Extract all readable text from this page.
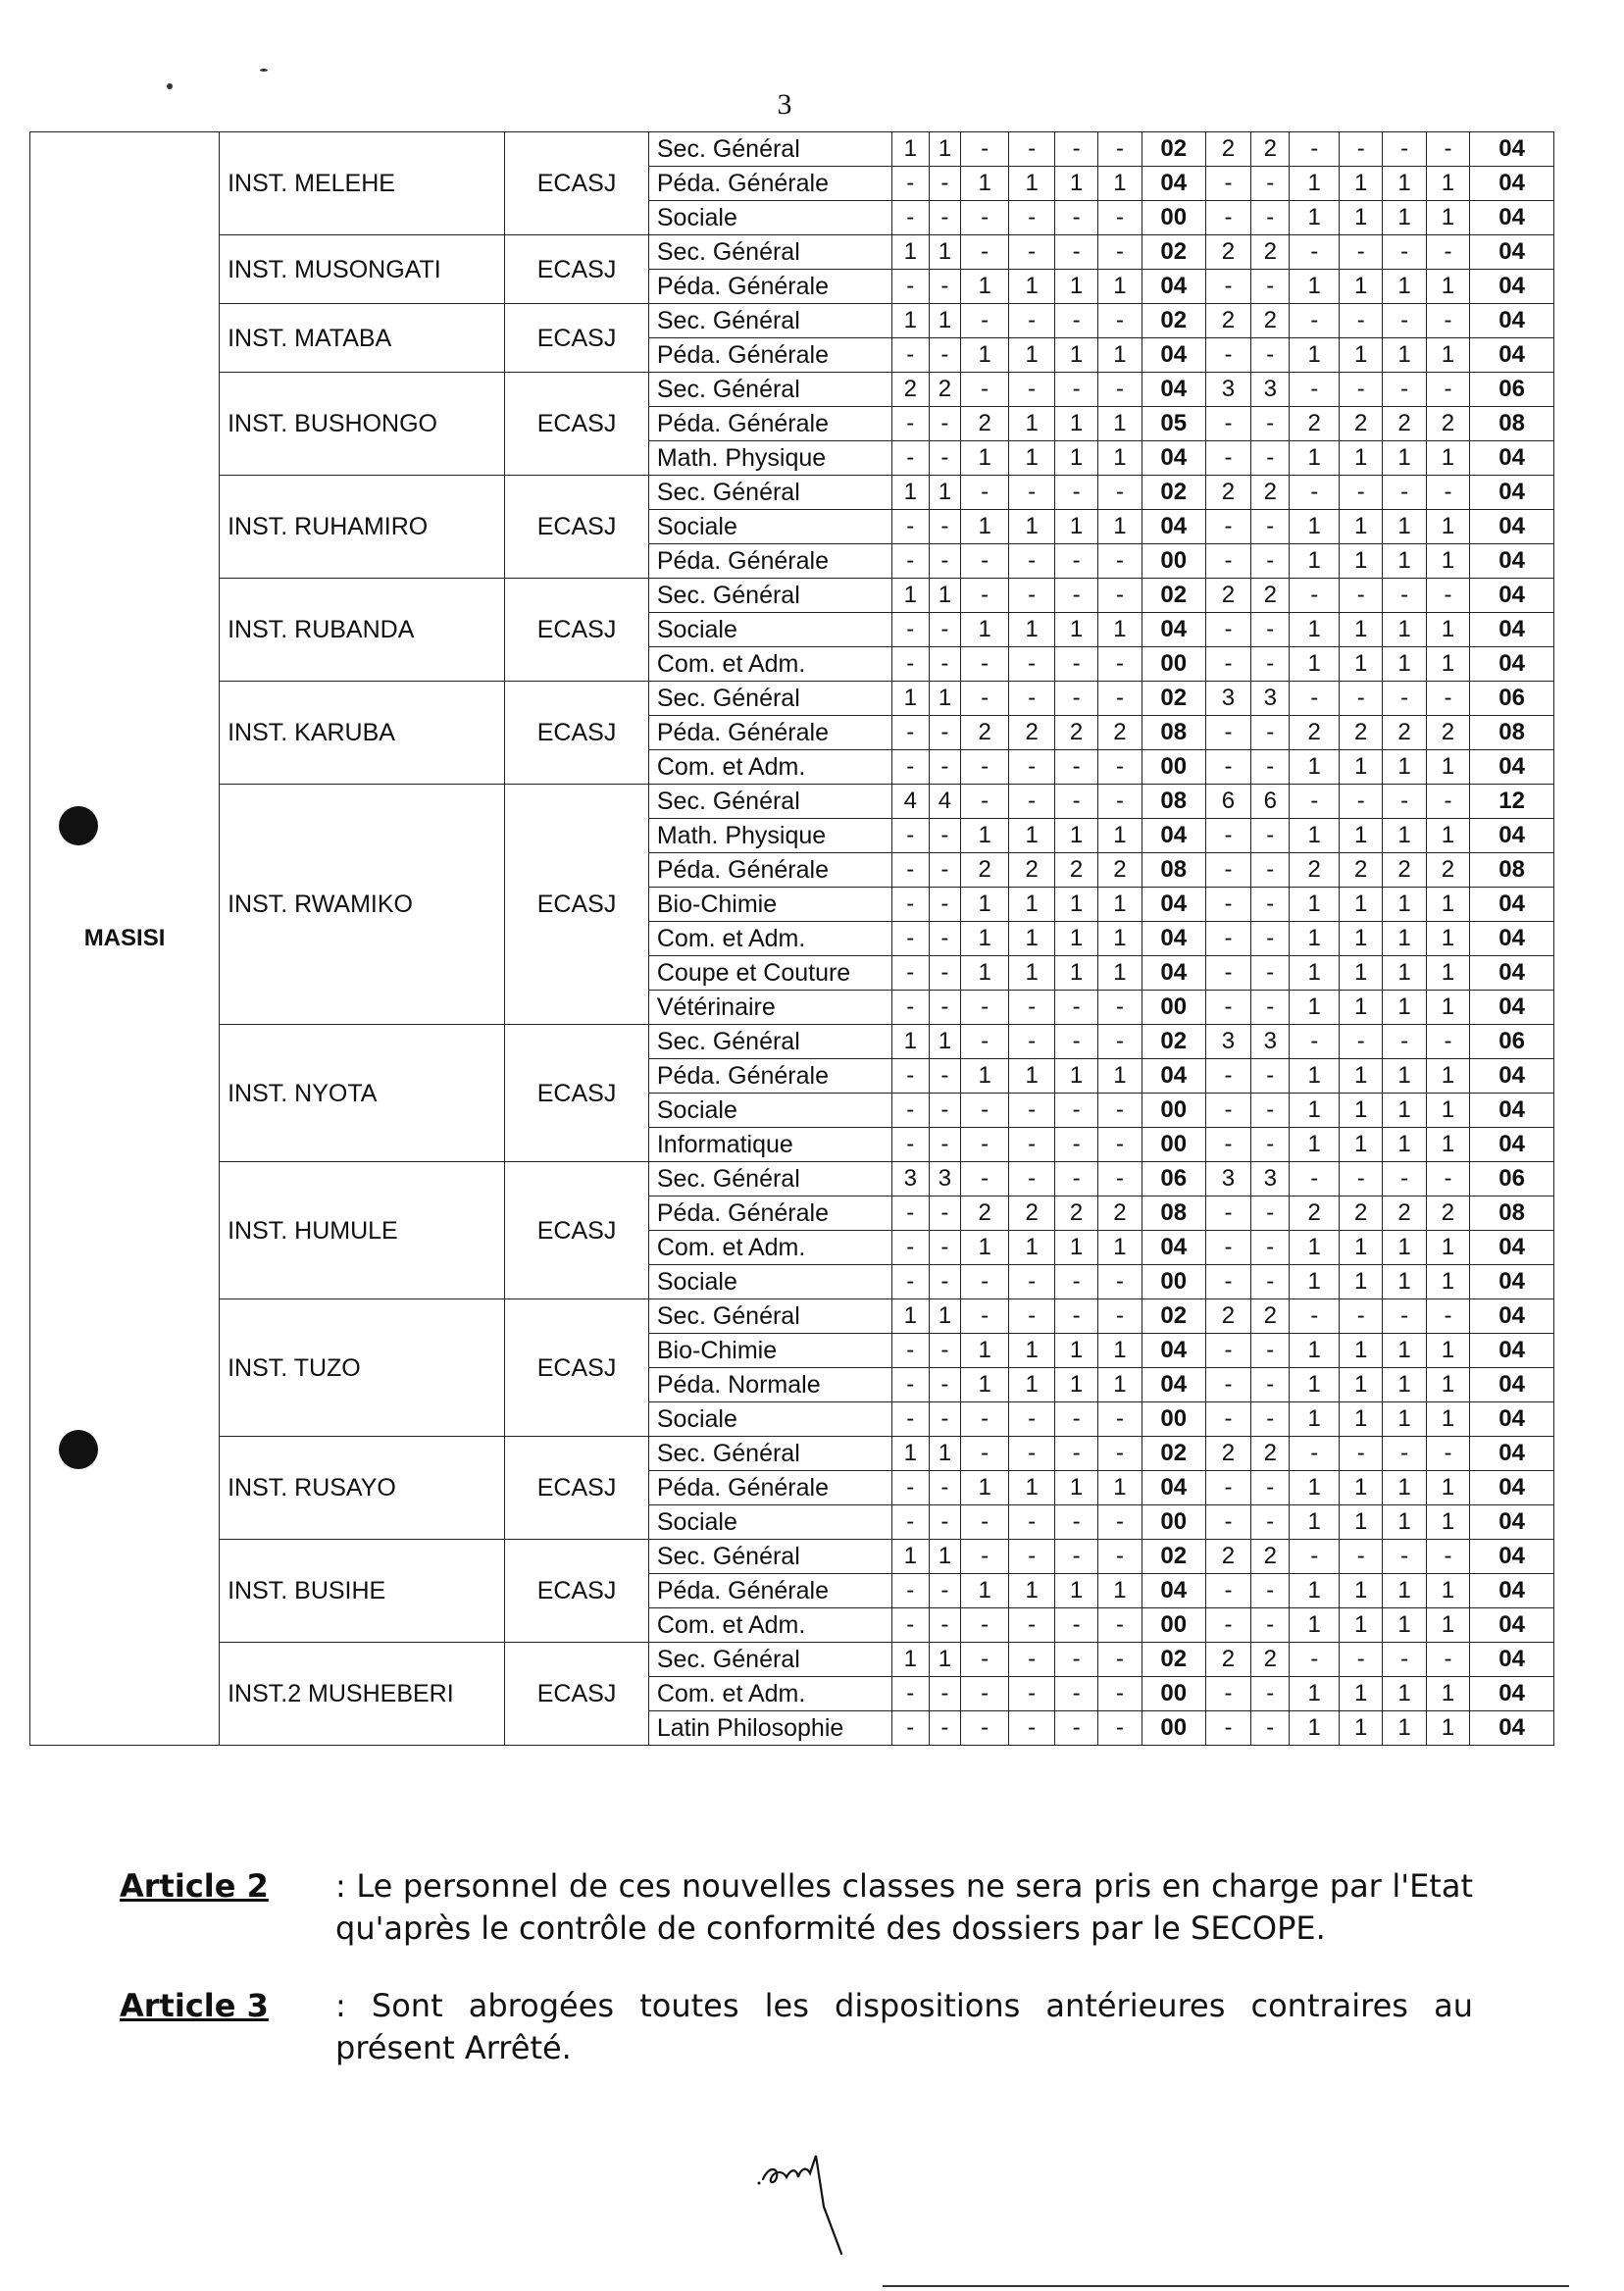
3
MASISI	INST. MELEHE	ECASJ	Sec. Général	1	1	-	-	-	-	02	2	2	-	-	-	-	04
			Péda. Générale	-	-	1	1	1	1	04	-	-	1	1	1	1	04
			Sociale	-	-	-	-	-	-	00	-	-	1	1	1	1	04
	INST. MUSONGATI	ECASJ	Sec. Général	1	1	-	-	-	-	02	2	2	-	-	-	-	04
			Péda. Générale	-	-	1	1	1	1	04	-	-	1	1	1	1	04
	INST. MATABA	ECASJ	Sec. Général	1	1	-	-	-	-	02	2	2	-	-	-	-	04
			Péda. Générale	-	-	1	1	1	1	04	-	-	1	1	1	1	04
	INST. BUSHONGO	ECASJ	Sec. Général	2	2	-	-	-	-	04	3	3	-	-	-	-	06
			Péda. Générale	-	-	2	1	1	1	05	-	-	2	2	2	2	08
			Math. Physique	-	-	1	1	1	1	04	-	-	1	1	1	1	04
	INST. RUHAMIRO	ECASJ	Sec. Général	1	1	-	-	-	-	02	2	2	-	-	-	-	04
			Sociale	-	-	1	1	1	1	04	-	-	1	1	1	1	04
			Péda. Générale	-	-	-	-	-	-	00	-	-	1	1	1	1	04
	INST. RUBANDA	ECASJ	Sec. Général	1	1	-	-	-	-	02	2	2	-	-	-	-	04
			Sociale	-	-	1	1	1	1	04	-	-	1	1	1	1	04
			Com. et Adm.	-	-	-	-	-	-	00	-	-	1	1	1	1	04
	INST. KARUBA	ECASJ	Sec. Général	1	1	-	-	-	-	02	3	3	-	-	-	-	06
			Péda. Générale	-	-	2	2	2	2	08	-	-	2	2	2	2	08
			Com. et Adm.	-	-	-	-	-	-	00	-	-	1	1	1	1	04
	INST. RWAMIKO	ECASJ	Sec. Général	4	4	-	-	-	-	08	6	6	-	-	-	-	12
			Math. Physique	-	-	1	1	1	1	04	-	-	1	1	1	1	04
			Péda. Générale	-	-	2	2	2	2	08	-	-	2	2	2	2	08
			Bio-Chimie	-	-	1	1	1	1	04	-	-	1	1	1	1	04
			Com. et Adm.	-	-	1	1	1	1	04	-	-	1	1	1	1	04
			Coupe et Couture	-	-	1	1	1	1	04	-	-	1	1	1	1	04
			Vétérinaire	-	-	-	-	-	-	00	-	-	1	1	1	1	04
	INST. NYOTA	ECASJ	Sec. Général	1	1	-	-	-	-	02	3	3	-	-	-	-	06
			Péda. Générale	-	-	1	1	1	1	04	-	-	1	1	1	1	04
			Sociale	-	-	-	-	-	-	00	-	-	1	1	1	1	04
			Informatique	-	-	-	-	-	-	00	-	-	1	1	1	1	04
	INST. HUMULE	ECASJ	Sec. Général	3	3	-	-	-	-	06	3	3	-	-	-	-	06
			Péda. Générale	-	-	2	2	2	2	08	-	-	2	2	2	2	08
			Com. et Adm.	-	-	1	1	1	1	04	-	-	1	1	1	1	04
			Sociale	-	-	-	-	-	-	00	-	-	1	1	1	1	04
	INST. TUZO	ECASJ	Sec. Général	1	1	-	-	-	-	02	2	2	-	-	-	-	04
			Bio-Chimie	-	-	1	1	1	1	04	-	-	1	1	1	1	04
			Péda. Normale	-	-	1	1	1	1	04	-	-	1	1	1	1	04
			Sociale	-	-	-	-	-	-	00	-	-	1	1	1	1	04
	INST. RUSAYO	ECASJ	Sec. Général	1	1	-	-	-	-	02	2	2	-	-	-	-	04
			Péda. Générale	-	-	1	1	1	1	04	-	-	1	1	1	1	04
			Sociale	-	-	-	-	-	-	00	-	-	1	1	1	1	04
	INST. BUSIHE	ECASJ	Sec. Général	1	1	-	-	-	-	02	2	2	-	-	-	-	04
			Péda. Générale	-	-	1	1	1	1	04	-	-	1	1	1	1	04
			Com. et Adm.	-	-	-	-	-	-	00	-	-	1	1	1	1	04
	INST.2 MUSHEBERI	ECASJ	Sec. Général	1	1	-	-	-	-	02	2	2	-	-	-	-	04
			Com. et Adm.	-	-	-	-	-	-	00	-	-	1	1	1	1	04
			Latin Philosophie	-	-	-	-	-	-	00	-	-	1	1	1	1	04
Article 2 : Le personnel de ces nouvelles classes ne sera pris en charge par l'Etat qu'après le contrôle de conformité des dossiers par le SECOPE.
Article 3 : Sont abrogées toutes les dispositions antérieures contraires au présent Arrêté.
